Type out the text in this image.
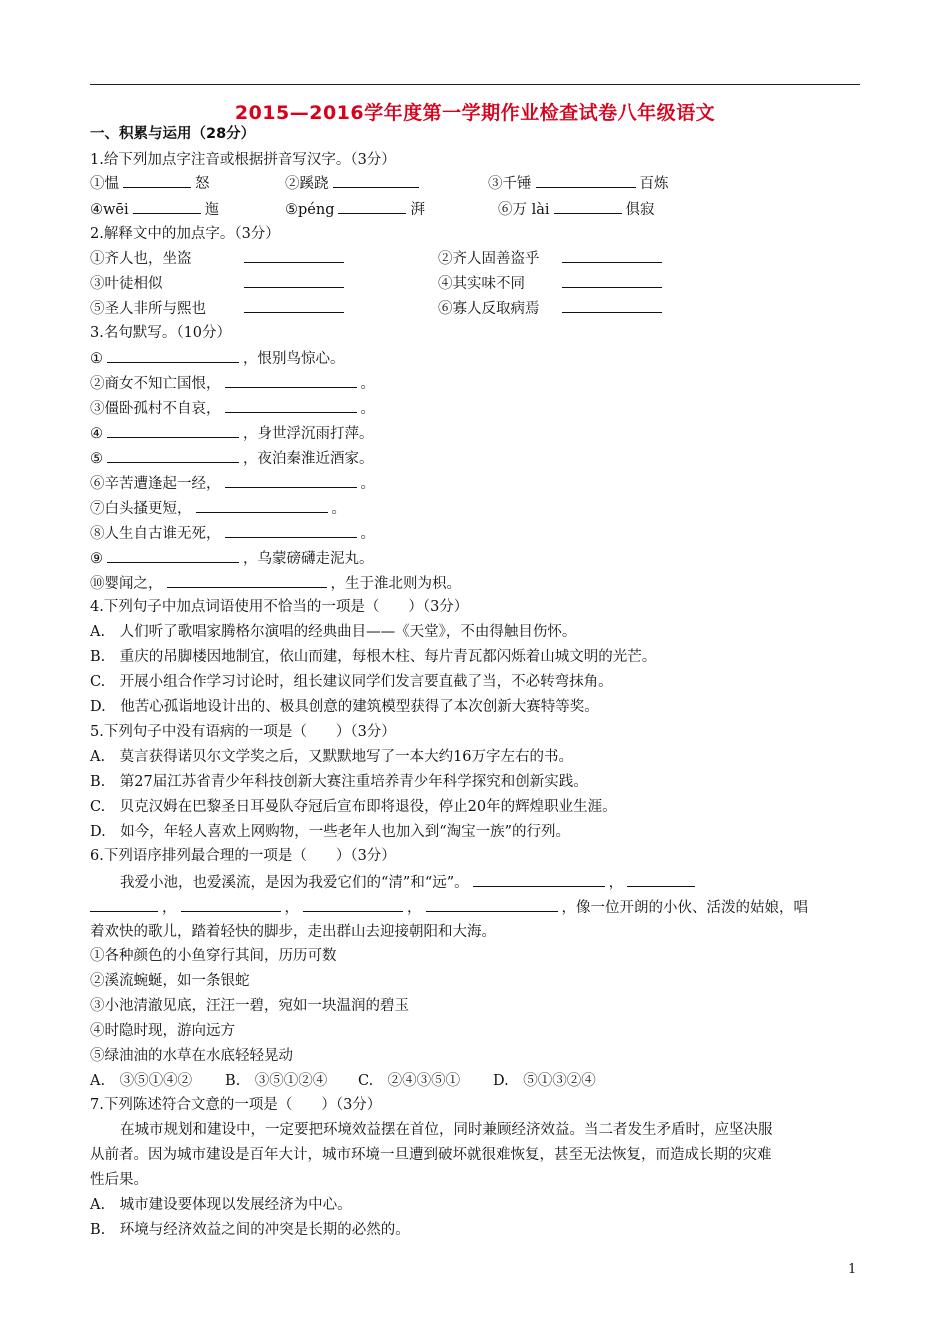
2015—2016学年度第一学期作业检查试卷八年级语文
一、积累与运用（28分）
1.给下列加点字注音或根据拼音写汉字。（3分）
①愠	怒	②蹊跷	③千锤	百炼
④wēi	迤	⑤péng	湃	⑥万 lài	俱寂
2.解释文中的加点字。（3分）
①齐人也，坐盗	②齐人固善盗乎
③叶徒相似	④其实味不同
⑤圣人非所与熙也	⑥寡人反取病焉
3.名句默写。（10分）
①	，恨别鸟惊心。
②商女不知亡国恨，	。
③僵卧孤村不自哀，	。
④	，身世浮沉雨打萍。
⑤	，夜泊秦淮近酒家。
⑥辛苦遭逢起一经，	。
⑦白头搔更短，	。
⑧人生自古谁无死，	。
⑨	，乌蒙磅礴走泥丸。
⑩婴闻之，	，生于淮北则为枳。
4.下列句子中加点词语使用不恰当的一项是（　　）（3分）
A.　人们听了歌唱家腾格尔演唱的经典曲目——《天堂》，不由得触目伤怀。
B.　重庆的吊脚楼因地制宜，依山而建，每根木柱、每片青瓦都闪烁着山城文明的光芒。
C.　开展小组合作学习讨论时，组长建议同学们发言要直截了当，不必转弯抹角。
D.　他苦心孤诣地设计出的、极具创意的建筑模型获得了本次创新大赛特等奖。
5.下列句子中没有语病的一项是（　　）（3分）
A.　莫言获得诺贝尔文学奖之后，又默默地写了一本大约16万字左右的书。
B.　第27届江苏省青少年科技创新大赛注重培养青少年科学探究和创新实践。
C.　贝克汉姆在巴黎圣日耳曼队夺冠后宣布即将退役，停止20年的辉煌职业生涯。
D.　如今，年轻人喜欢上网购物，一些老年人也加入到“淘宝一族”的行列。
6.下列语序排列最合理的一项是（　　）（3分）
我爱小池，也爱溪流，是因为我爱它们的“清”和“远”。	，
，	，	，	，像一位开朗的小伙、活泼的姑娘，唱
着欢快的歌儿，踏着轻快的脚步，走出群山去迎接朝阳和大海。
①各种颜色的小鱼穿行其间，历历可数
②溪流蜿蜒，如一条银蛇
③小池清澈见底，汪汪一碧，宛如一块温润的碧玉
④时隐时现，游向远方
⑤绿油油的水草在水底轻轻晃动
A.　③⑤①④② B.　③⑤①②④ C.　②④③⑤① D.　⑤①③②④
7.下列陈述符合文意的一项是（　　）（3分）
在城市规划和建设中，一定要把环境效益摆在首位，同时兼顾经济效益。当二者发生矛盾时，应坚决服
从前者。因为城市建设是百年大计，城市环境一旦遭到破坏就很难恢复，甚至无法恢复，而造成长期的灾难
性后果。
A.　城市建设要体现以发展经济为中心。
B.　环境与经济效益之间的冲突是长期的必然的。
1
